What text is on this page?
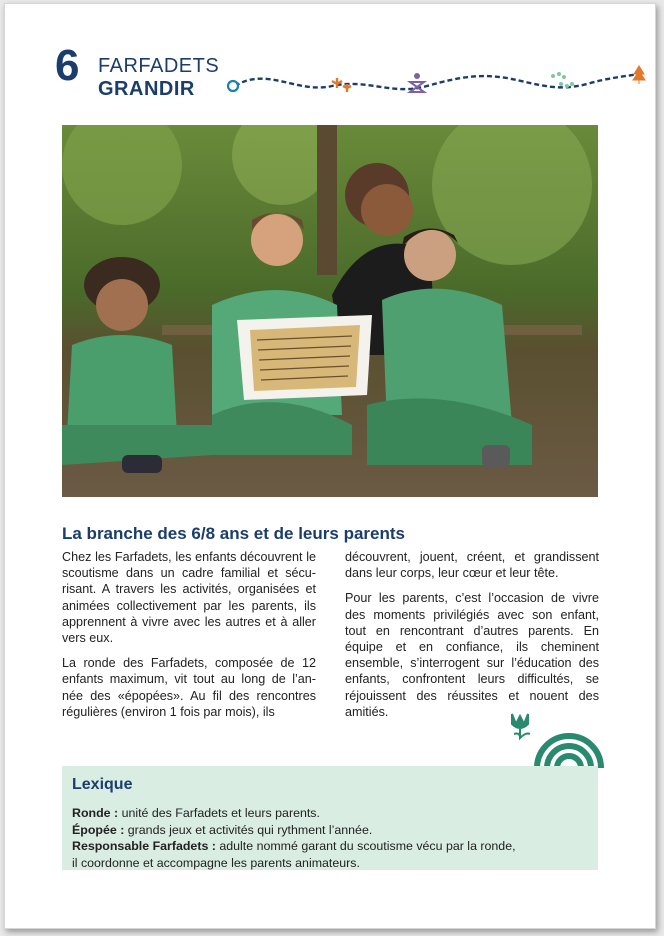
6 FARFADETS
GRANDIR
La branche des 6/8 ans et de leurs parents

Chez les Farfadets, les enfants découvrent le scoutisme dans un cadre familial et sécu-risant. A travers les activités, organisées et animées collectivement par les parents, ils apprennent à vivre avec les autres et à aller vers eux.

La ronde des Farfadets, composée de 12 enfants maximum, vit tout au long de l’an-née des «épopées». Au fil des rencontres régulières (environ 1 fois par mois), ils

découvrent, jouent, créent, et grandissent dans leur corps, leur cœur et leur tête.

Pour les parents, c’est l’occasion de vivre des moments privilégiés avec son enfant, tout en rencontrant d’autres parents. En équipe et en confiance, ils cheminent ensemble, s’interrogent sur l’éducation des enfants, confrontent leurs difficultés, se réjouissent des réussites et nouent des amitiés.

Lexique
Ronde : unité des Farfadets et leurs parents.
Épopée : grands jeux et activités qui rythment l’année.
Responsable Farfadets : adulte nommé garant du scoutisme vécu par la ronde,
il coordonne et accompagne les parents animateurs.
